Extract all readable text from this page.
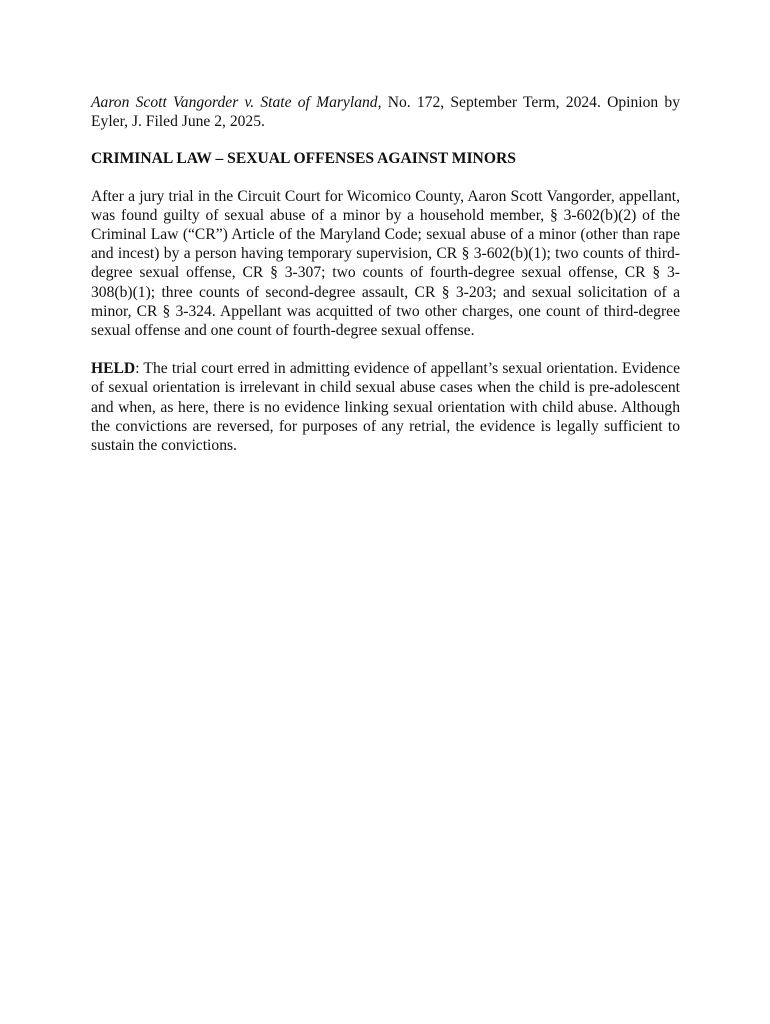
Aaron Scott Vangorder v. State of Maryland, No. 172, September Term, 2024. Opinion by Eyler, J. Filed June 2, 2025.

CRIMINAL LAW – SEXUAL OFFENSES AGAINST MINORS

After a jury trial in the Circuit Court for Wicomico County, Aaron Scott Vangorder, appellant, was found guilty of sexual abuse of a minor by a household member, § 3-602(b)(2) of the Criminal Law (“CR”) Article of the Maryland Code; sexual abuse of a minor (other than rape and incest) by a person having temporary supervision, CR § 3-602(b)(1); two counts of third-degree sexual offense, CR § 3-307; two counts of fourth-degree sexual offense, CR § 3-308(b)(1); three counts of second-degree assault, CR § 3-203; and sexual solicitation of a minor, CR § 3-324. Appellant was acquitted of two other charges, one count of third-degree sexual offense and one count of fourth-degree sexual offense.

HELD: The trial court erred in admitting evidence of appellant’s sexual orientation. Evidence of sexual orientation is irrelevant in child sexual abuse cases when the child is pre-adolescent and when, as here, there is no evidence linking sexual orientation with child abuse. Although the convictions are reversed, for purposes of any retrial, the evidence is legally sufficient to sustain the convictions.
